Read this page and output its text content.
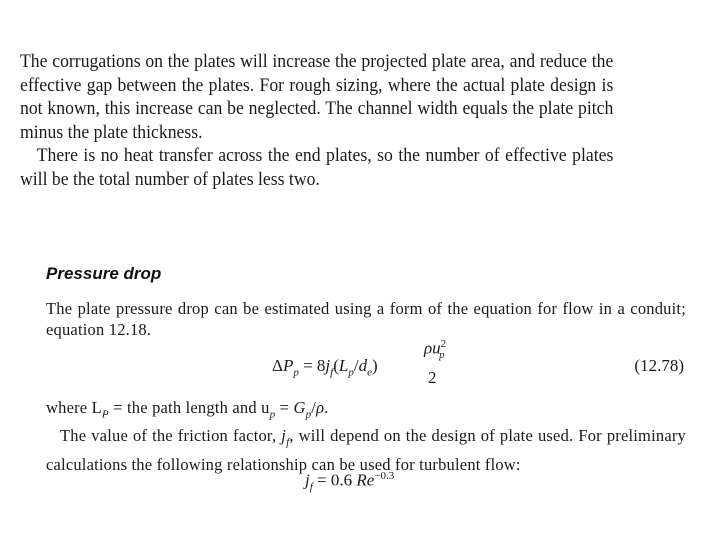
The corrugations on the plates will increase the projected plate area, and reduce the effective gap between the plates. For rough sizing, where the actual plate design is not known, this increase can be neglected. The channel width equals the plate pitch minus the plate thickness.

There is no heat transfer across the end plates, so the number of effective plates will be the total number of plates less two.

Pressure drop

The plate pressure drop can be estimated using a form of the equation for flow in a conduit; equation 12.18.

$\Delta P_p = 8j_f(L_p/d_e)$
$\rho u^2_p$
2
(12.78)

where $L_P$ = the path length and $u_p = G_p/\rho$.

The value of the friction factor, $j_f$, will depend on the design of plate used. For preliminary calculations the following relationship can be used for turbulent flow:

$j_f = 0.6$ $Re^{-0.3}$
